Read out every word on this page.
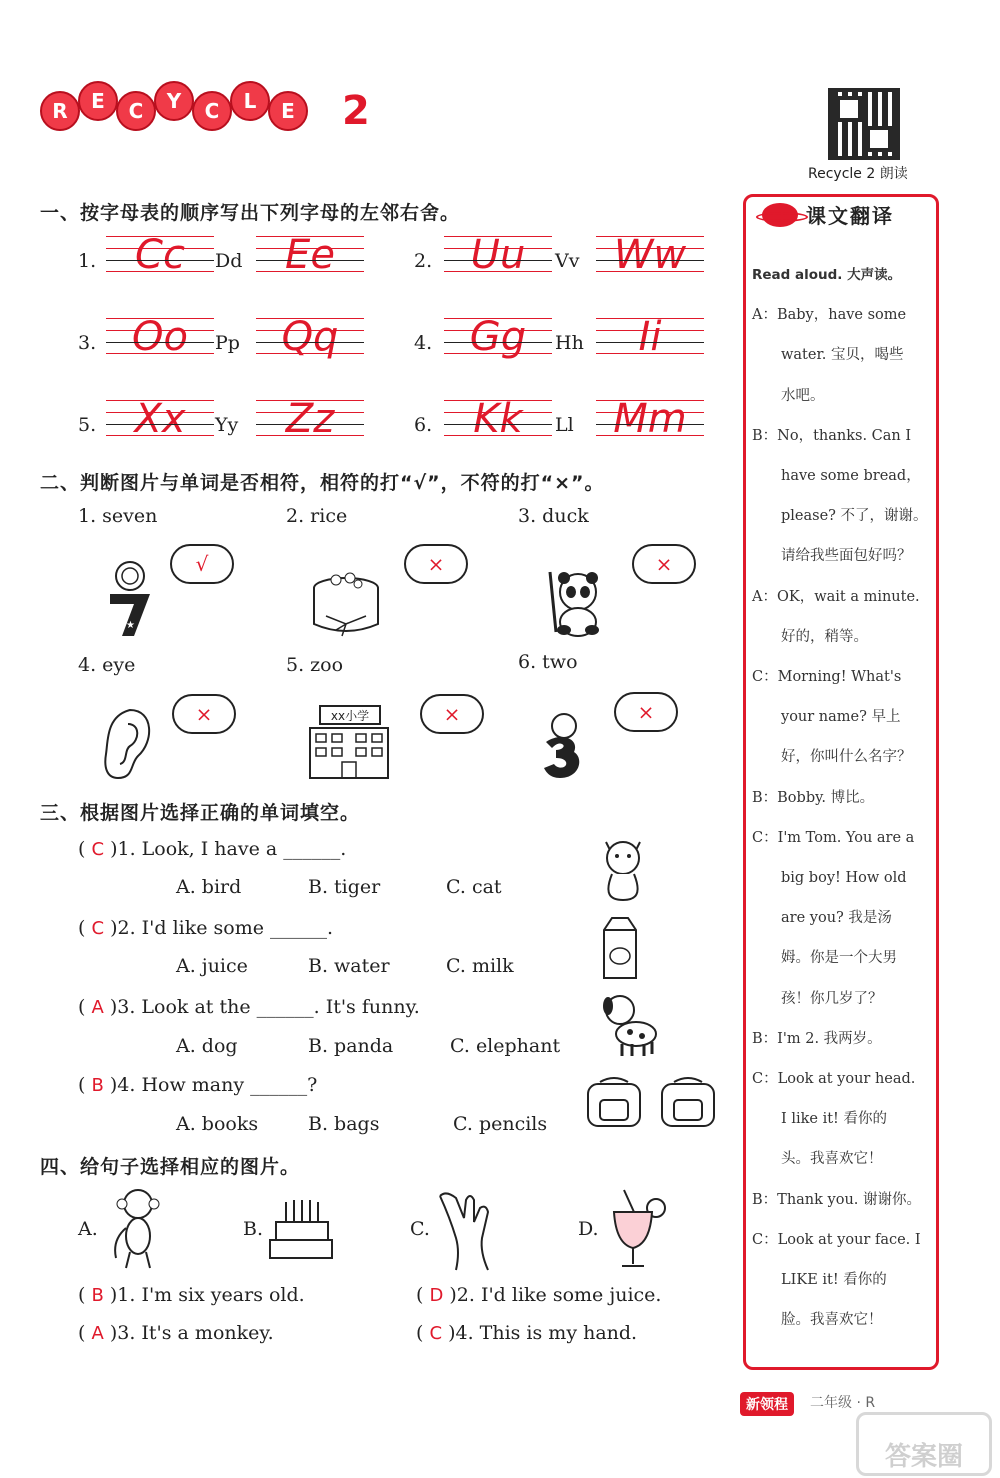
R	E	C	Y	C	L	E	2
Recycle 2 朗读
一、按字母表的顺序写出下列字母的左邻右舍。
1. Cc	Dd	Ee	2. Uu	Vv Ww
3. Oo	Pp	Qq	4. Gg	Hh	Ii
5. Xx	Yy	Zz	6.	Kk	Ll Mm
二、判断图片与单词是否相符，相符的打“√”，不符的打“×”。
1. seven	2. rice	3. duck
★
√	×	×
4. eye	5. zoo	6. two
×	xx小学	×	×
三、根据图片选择正确的单词填空。
( C )1. Look, I have a ______.
A. bird	B. tiger	C. cat
( C )2. I'd like some ______.
A. juice	B. water	C. milk
( A )3. Look at the ______. It's funny.
A. dog	B. panda	C. elephant
( B )4. How many ______?
A. books	B. bags	C. pencils
四、给句子选择相应的图片。
A.	B.	C.	D.
( B )1. I'm six years old.	( D )2. I'd like some juice.
( A )3. It's a monkey.	( C )4. This is my hand.
课文翻译
Read aloud. 大声读。
A：Baby，have some
　　water. 宝贝，喝些
　　水吧。
B：No，thanks. Can I
　　have some bread，
　　please? 不了，谢谢。
　　请给我些面包好吗？
A：OK，wait a minute.
　　好的，稍等。
C：Morning! What's
　　your name? 早上
　　好，你叫什么名字？
B：Bobby. 博比。
C：I'm Tom. You are a
　　big boy! How old
　　are you? 我是汤
　　姆。你是一个大男
　　孩！你几岁了？
B：I'm 2. 我两岁。
C：Look at your head.
　　I like it! 看你的
　　头。我喜欢它！
B：Thank you. 谢谢你。
C：Look at your face. I
　　LIKE it! 看你的
　　脸。我喜欢它！
新领程	二年级 · R
答案圈
